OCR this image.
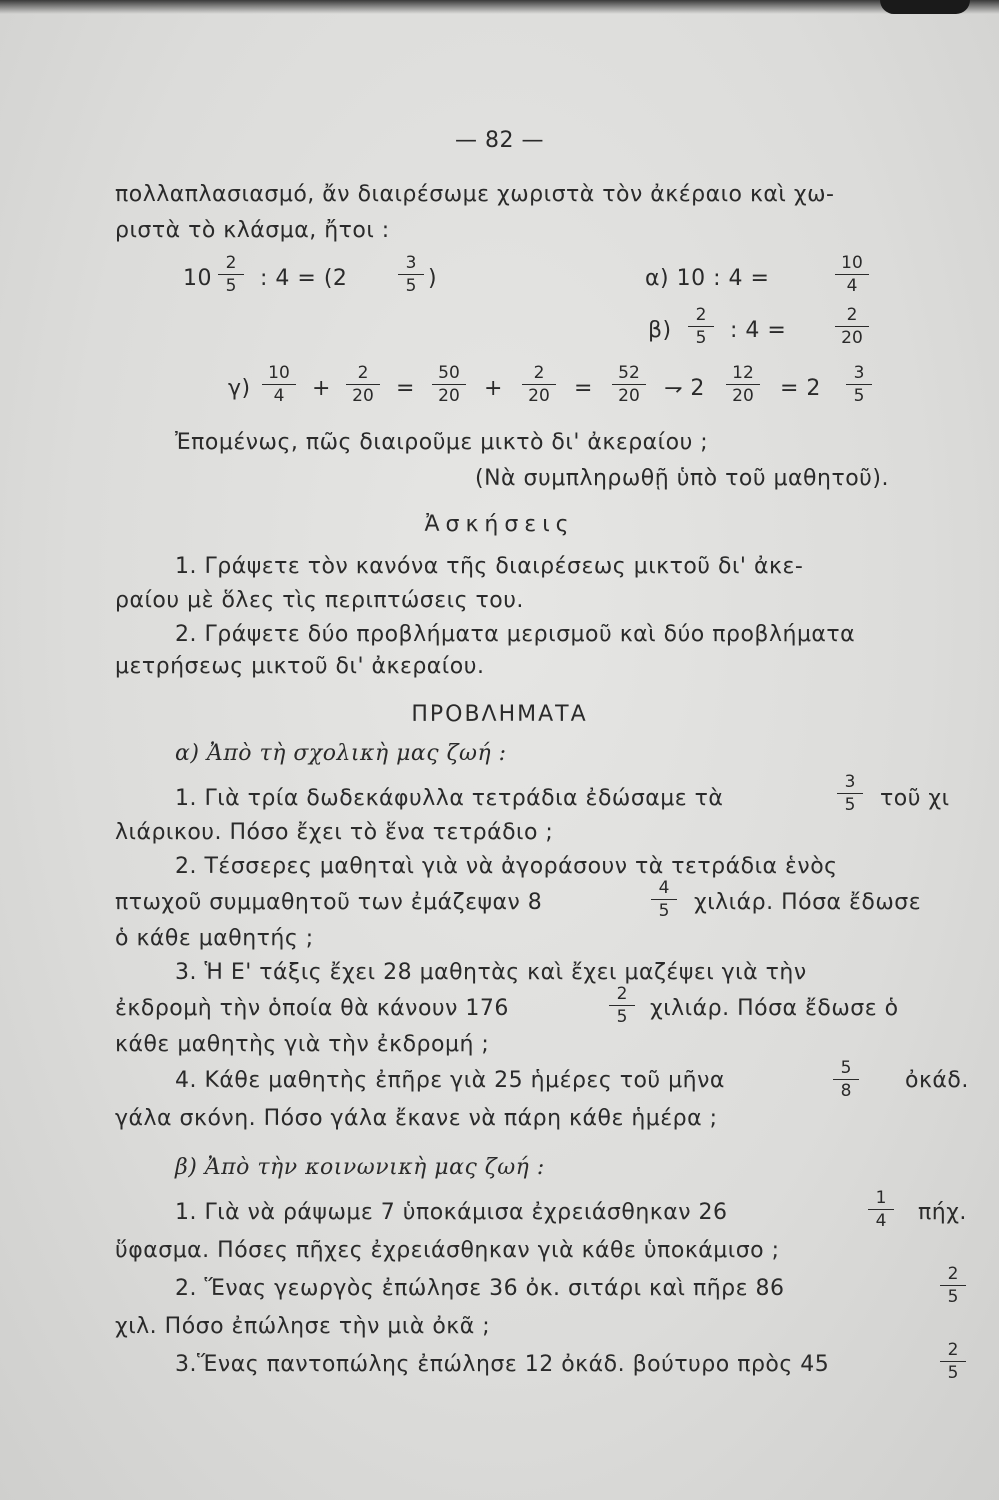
— 82 —
πολλαπλασιασμό, ἄν διαιρέσωμε χωριστὰ τὸν ἀκέραιο καὶ χω-
ριστὰ τὸ κλάσμα, ἤτοι :
$10 \frac{2}{5}$ : 4 = (2	$\frac{3}{5}$ )	α) 10 : 4 =	$\frac{10}{4}$
$\beta) \frac{2}{5}$ : 4 =	$\frac{2}{20}$
$\gamma) \frac{10}{4} + \frac{2}{20} = \frac{50}{20} + \frac{2}{20} = \frac{52}{20}$ ⇁ $2 \frac{12}{20} = 2 \frac{3}{5}$
Ἐπομένως, πῶς διαιροῦμε μικτὸ δι' ἀκεραίου ;
(Νὰ συμπληρωθῇ ὑπὸ τοῦ μαθητοῦ).
Ἀσκήσεις
1. Γράψετε τὸν κανόνα τῆς διαιρέσεως μικτοῦ δι' ἀκε-
ραίου μὲ ὅλες τὶς περιπτώσεις του.
2. Γράψετε δύο προβλήματα μερισμοῦ καὶ δύο προβλήματα
μετρήσεως μικτοῦ δι' ἀκεραίου.
ΠΡΟΒΛΗΜΑΤΑ
α) Ἀπὸ τὴ σχολικὴ μας ζωή :
1. Γιὰ τρία δωδεκάφυλλα τετράδια ἐδώσαμε τὰ	$\frac{3}{5}$ τοῦ χι
λιάρικου. Πόσο ἔχει τὸ ἕνα τετράδιο ;
2. Τέσσερες μαθηταὶ γιὰ νὰ ἀγοράσουν τὰ τετράδια ἑνὸς
πτωχοῦ συμμαθητοῦ των ἐμάζεψαν 8	$\frac{4}{5} \chi\iota\lambda\iota ά\rho$. Πόσα ἔδωσε
ὁ κάθε μαθητής ;
3. Ἡ Ε' τάξις ἔχει 28 μαθητὰς καὶ ἔχει μαζέψει γιὰ τὴν
ἐκδρομὴ τὴν ὁποία θὰ κάνουν 176	$\frac{2}{5} \chi\iota\lambda\iota ά\rho$. Πόσα ἔδωσε ὁ
κάθε μαθητὴς γιὰ τὴν ἐκδρομή ;
4. Κάθε μαθητὴς ἐπῆρε γιὰ 25 ἡμέρες τοῦ μῆνα	$\frac{5}{8}$ ὀκάδ.
γάλα σκόνη. Πόσο γάλα ἔκανε νὰ πάρη κάθε ἡμέρα ;
β) Ἀπὸ τὴν κοινωνικὴ μας ζωή :
1. Γιὰ νὰ ράψωμε 7 ὑποκάμισα ἐχρειάσθηκαν 26	$\frac{1}{4} \pi ή\chi$.
ὕφασμα. Πόσες πῆχες ἐχρειάσθηκαν γιὰ κάθε ὑποκάμισο ;
2. Ἕνας γεωργὸς ἐπώλησε 36 ὀκ. σιτάρι καὶ πῆρε 86	$\frac{2}{5}$
χιλ. Πόσο ἐπώλησε τὴν μιὰ ὀκᾶ ;
3.Ἕνας παντοπώλης ἐπώλησε 12 ὀκάδ. βούτυρο πρὸς 45	$\frac{2}{5}$
